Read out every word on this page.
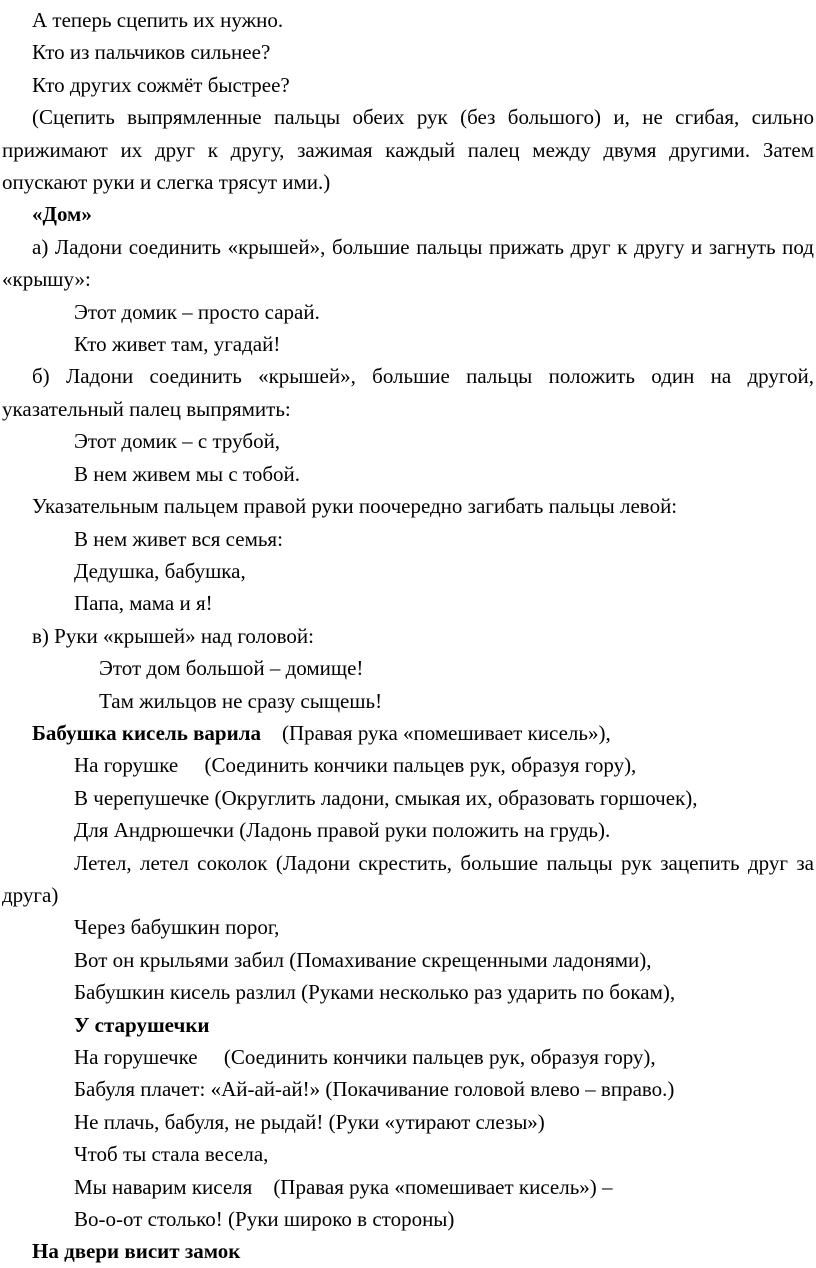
А теперь сцепить их нужно.

Кто из пальчиков сильнее?

Кто других сожмёт быстрее?

(Сцепить выпрямленные пальцы обеих рук (без большого) и, не сгибая, сильно прижимают их друг к другу, зажимая каждый палец между двумя другими. Затем опускают руки и слегка трясут ими.)

«Дом»

а) Ладони соединить «крышей», большие пальцы прижать друг к другу и загнуть под «крышу»:

Этот домик – просто сарай.

Кто живет там, угадай!

б) Ладони соединить «крышей», большие пальцы положить один на другой, указательный палец выпрямить:

Этот домик – с трубой,

В нем живем мы с тобой.

Указательным пальцем правой руки поочередно загибать пальцы левой:

В нем живет вся семья:

Дедушка, бабушка,

Папа, мама и я!

в) Руки «крышей» над головой:

Этот дом большой – домище!

Там жильцов не сразу сыщешь!

Бабушка кисель варила (Правая рука «помешивает кисель»),

На горушке (Соединить кончики пальцев рук, образуя гору),

В черепушечке (Округлить ладони, смыкая их, образовать горшочек),

Для Андрюшечки (Ладонь правой руки положить на грудь).

Летел, летел соколок (Ладони скрестить, большие пальцы рук зацепить друг за друга)

Через бабушкин порог,

Вот он крыльями забил (Помахивание скрещенными ладонями),

Бабушкин кисель разлил (Руками несколько раз ударить по бокам),

У старушечки

На горушечке (Соединить кончики пальцев рук, образуя гору),

Бабуля плачет: «Ай-ай-ай!» (Покачивание головой влево – вправо.)

Не плачь, бабуля, не рыдай! (Руки «утирают слезы»)

Чтоб ты стала весела,

Мы наварим киселя (Правая рука «помешивает кисель») –

Во-о-от столько! (Руки широко в стороны)

На двери висит замок
